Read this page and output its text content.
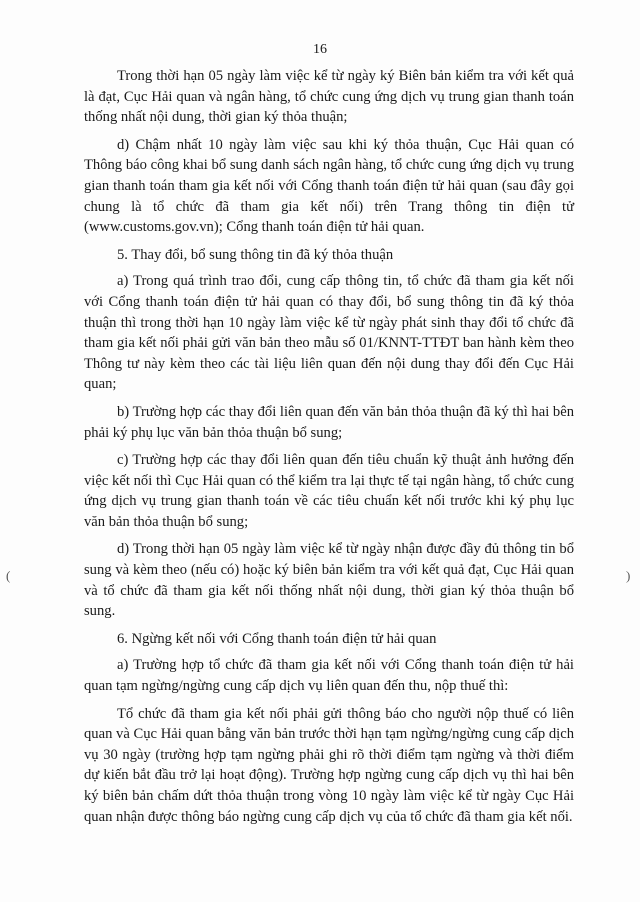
16

Trong thời hạn 05 ngày làm việc kể từ ngày ký Biên bản kiểm tra với kết quả là đạt, Cục Hải quan và ngân hàng, tổ chức cung ứng dịch vụ trung gian thanh toán thống nhất nội dung, thời gian ký thỏa thuận;

d) Chậm nhất 10 ngày làm việc sau khi ký thỏa thuận, Cục Hải quan có Thông báo công khai bổ sung danh sách ngân hàng, tổ chức cung ứng dịch vụ trung gian thanh toán tham gia kết nối với Cổng thanh toán điện tử hải quan (sau đây gọi chung là tổ chức đã tham gia kết nối) trên Trang thông tin điện tử (www.customs.gov.vn); Cổng thanh toán điện tử hải quan.

5. Thay đổi, bổ sung thông tin đã ký thỏa thuận

a) Trong quá trình trao đổi, cung cấp thông tin, tổ chức đã tham gia kết nối với Cổng thanh toán điện tử hải quan có thay đổi, bổ sung thông tin đã ký thỏa thuận thì trong thời hạn 10 ngày làm việc kể từ ngày phát sinh thay đổi tổ chức đã tham gia kết nối phải gửi văn bản theo mẫu số 01/KNNT-TTĐT ban hành kèm theo Thông tư này kèm theo các tài liệu liên quan đến nội dung thay đổi đến Cục Hải quan;

b) Trường hợp các thay đổi liên quan đến văn bản thỏa thuận đã ký thì hai bên phải ký phụ lục văn bản thỏa thuận bổ sung;

c) Trường hợp các thay đổi liên quan đến tiêu chuẩn kỹ thuật ảnh hưởng đến việc kết nối thì Cục Hải quan có thể kiểm tra lại thực tế tại ngân hàng, tổ chức cung ứng dịch vụ trung gian thanh toán về các tiêu chuẩn kết nối trước khi ký phụ lục văn bản thỏa thuận bổ sung;

d) Trong thời hạn 05 ngày làm việc kể từ ngày nhận được đầy đủ thông tin bổ sung và kèm theo (nếu có) hoặc ký biên bản kiểm tra với kết quả đạt, Cục Hải quan và tổ chức đã tham gia kết nối thống nhất nội dung, thời gian ký thỏa thuận bổ sung.

6. Ngừng kết nối với Cổng thanh toán điện tử hải quan

a) Trường hợp tổ chức đã tham gia kết nối với Cổng thanh toán điện tử hải quan tạm ngừng/ngừng cung cấp dịch vụ liên quan đến thu, nộp thuế thì:

Tổ chức đã tham gia kết nối phải gửi thông báo cho người nộp thuế có liên quan và Cục Hải quan bằng văn bản trước thời hạn tạm ngừng/ngừng cung cấp dịch vụ 30 ngày (trường hợp tạm ngừng phải ghi rõ thời điểm tạm ngừng và thời điểm dự kiến bắt đầu trở lại hoạt động). Trường hợp ngừng cung cấp dịch vụ thì hai bên ký biên bản chấm dứt thỏa thuận trong vòng 10 ngày làm việc kể từ ngày Cục Hải quan nhận được thông báo ngừng cung cấp dịch vụ của tổ chức đã tham gia kết nối.

(	)
